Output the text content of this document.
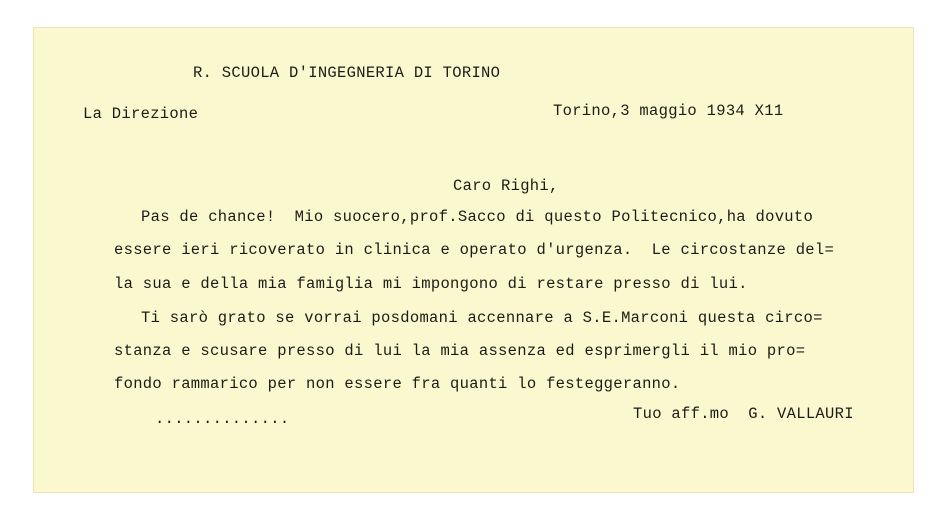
R. SCUOLA D'INGEGNERIA DI TORINO
La Direzione	Torino,3 maggio 1934 X11
Caro Righi,
Pas de chance!  Mio suocero,prof.Sacco di questo Politecnico,ha dovuto
essere ieri ricoverato in clinica e operato d'urgenza.  Le circostanze del=
la sua e della mia famiglia mi impongono di restare presso di lui.
Ti sarò grato se vorrai posdomani accennare a S.E.Marconi questa circo=
stanza e scusare presso di lui la mia assenza ed esprimergli il mio pro=
fondo rammarico per non essere fra quanti lo festeggeranno.
..............	Tuo aff.mo  G. VALLAURI
